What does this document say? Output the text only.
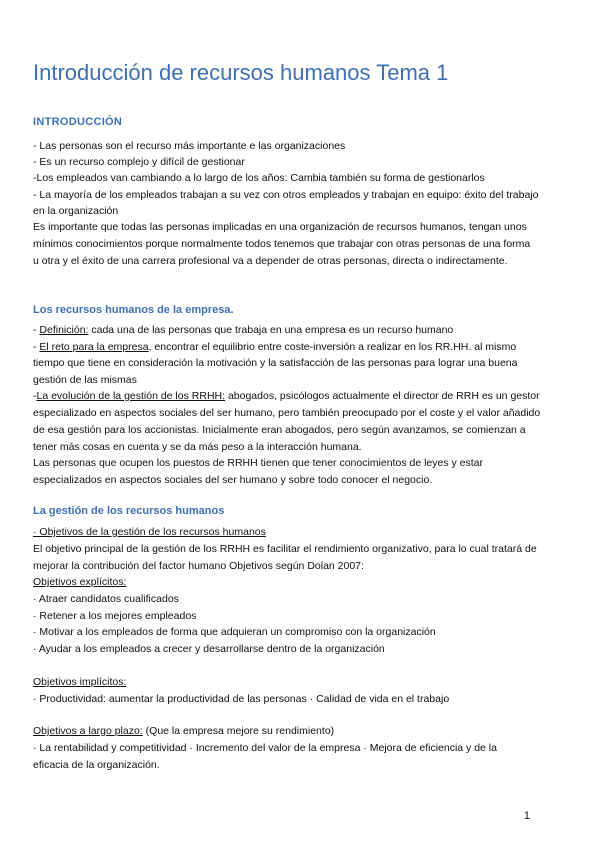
Introducción de recursos humanos Tema 1
INTRODUCCIÓN
- Las personas son el recurso más importante e las organizaciones
- Es un recurso complejo y difícil de gestionar
-Los empleados van cambiando a lo largo de los años: Cambia también su forma de gestionarlos
- La mayoría de los empleados trabajan a su vez con otros empleados y trabajan en equipo: éxito del trabajo
en la organización
Es importante que todas las personas implicadas en una organización de recursos humanos, tengan unos
mínimos conocimientos porque normalmente todos tenemos que trabajar con otras personas de una forma
u otra y el éxito de una carrera profesional va a depender de otras personas, directa o indirectamente.
Los recursos humanos de la empresa.
- Definición: cada una de las personas que trabaja en una empresa es un recurso humano
- El reto para la empresa, encontrar el equilibrio entre coste-inversión a realizar en los RR.HH. al mismo
tiempo que tiene en consideración la motivación y la satisfacción de las personas para lograr una buena
gestión de las mismas
-La evolución de la gestión de los RRHH: abogados, psicólogos actualmente el director de RRH es un gestor
especializado en aspectos sociales del ser humano, pero también preocupado por el coste y el valor añadido
de esa gestión para los accionistas. Inicialmente eran abogados, pero según avanzamos, se comienzan a
tener más cosas en cuenta y se da más peso a la interacción humana.
Las personas que ocupen los puestos de RRHH tienen que tener conocimientos de leyes y estar
especializados en aspectos sociales del ser humano y sobre todo conocer el negocio.
La gestión de los recursos humanos
· Objetivos de la gestión de los recursos humanos
El objetivo principal de la gestión de los RRHH es facilitar el rendimiento organizativo, para lo cual tratará de
mejorar la contribución del factor humano Objetivos según Dolan 2007:
Objetivos explícitos:
· Atraer candidatos cualificados
· Retener a los mejores empleados
· Motivar a los empleados de forma que adquieran un compromiso con la organización
· Ayudar a los empleados a crecer y desarrollarse dentro de la organización
Objetivos implícitos:
· Productividad: aumentar la productividad de las personas · Calidad de vida en el trabajo
Objetivos a largo plazo: (Que la empresa mejore su rendimiento)
· La rentabilidad y competitividad · Incremento del valor de la empresa · Mejora de eficiencia y de la
eficacia de la organización.
1
